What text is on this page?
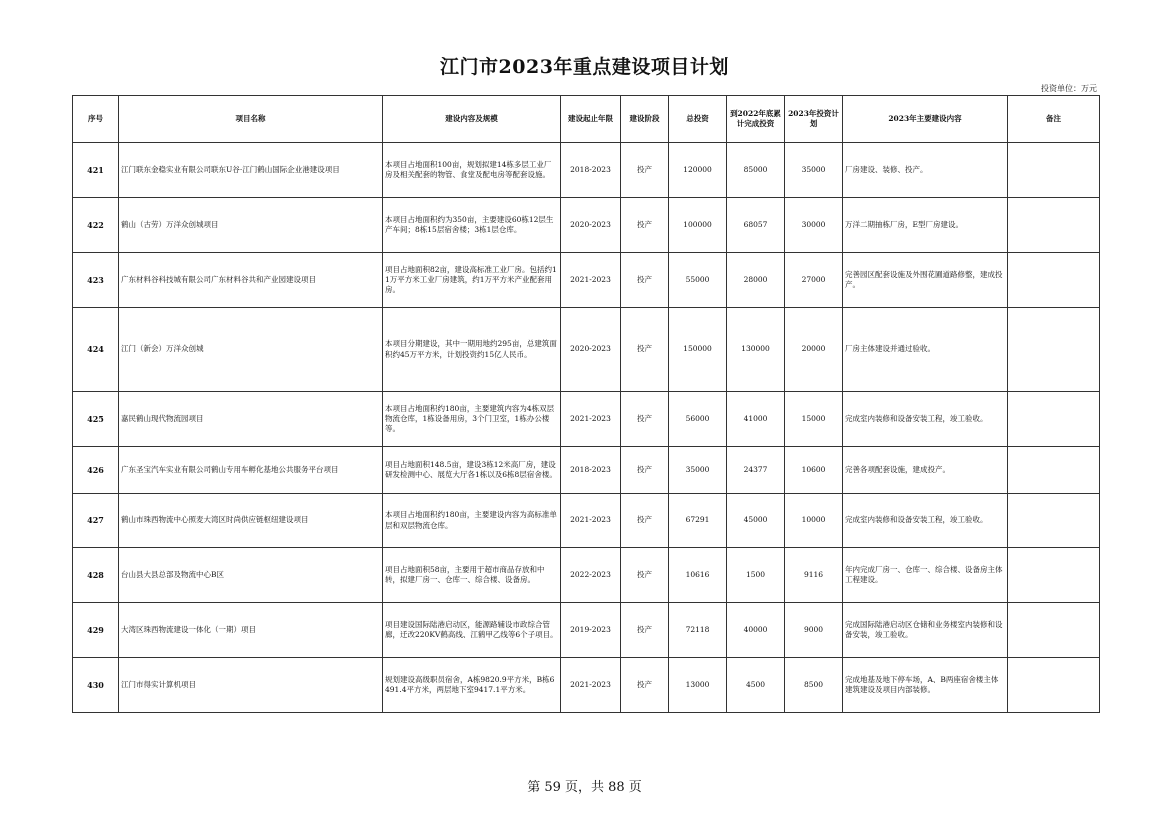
江门市2023年重点建设项目计划
投资单位：万元
序号	项目名称	建设内容及规模	建设起止年限	建设阶段	总投资	到2022年底累计完成投资	2023年投资计划	2023年主要建设内容	备注
421	江门联东金稳实业有限公司联东U谷·江门鹤山国际企业港建设项目	本项目占地面积100亩，规划拟建14栋多层工业厂房及相关配套的物管、食堂及配电房等配套设施。	2018-2023	投产	120000	85000	35000	厂房建设、装修、投产。	
422	鹤山（古劳）万洋众创城项目	本项目占地面积约为350亩，主要建设60栋12层生产车间；8栋15层宿舍楼；3栋1层仓库。	2020-2023	投产	100000	68057	30000	万洋二期抽栋厂房，E型厂房建设。	
423	广东材料谷科技城有限公司广东材料谷共和产业园建设项目	项目占地面积82亩，建设高标准工业厂房。包括约11万平方米工业厂房建筑，约1万平方米产业配套用房。	2021-2023	投产	55000	28000	27000	完善园区配套设施及外围花圃道路修整，建成投产。	
424	江门（新会）万洋众创城	本项目分期建设，其中一期用地约295亩，总建筑面积约45万平方米，计划投资约15亿人民币。	2020-2023	投产	150000	130000	20000	厂房主体建设并通过验收。	
425	嘉民鹤山现代物流园项目	本项目占地面积约180亩，主要建筑内容为4栋双层物流仓库，1栋设备用房，3个门卫室，1栋办公楼等。	2021-2023	投产	56000	41000	15000	完成室内装修和设备安装工程，竣工验收。	
426	广东圣宝汽车实业有限公司鹤山专用车孵化基地公共服务平台项目	项目占地面积148.5亩，建设3栋12米高厂房，建设研发检测中心、展览大厅各1栋以及6栋8层宿舍楼。	2018-2023	投产	35000	24377	10600	完善各项配套设施，建成投产。	
427	鹤山市珠西物流中心照麦大湾区时尚供应链枢纽建设项目	本项目占地面积约180亩，主要建设内容为高标准单层和双层物流仓库。	2021-2023	投产	67291	45000	10000	完成室内装修和设备安装工程，竣工验收。	
428	台山县大县总部及物流中心B区	项目占地面积58亩，主要用于超市商品存放和中转，拟建厂房一、仓库一、综合楼、设备房。	2022-2023	投产	10616	1500	9116	年内完成厂房一、仓库一、综合楼、设备房主体工程建设。	
429	大湾区珠西物流建设一体化（一期）项目	项目建设国际陆港启动区，能源路辅设市政综合管廊，迁改220KV鹤高线、江鹤甲乙线等6个子项目。	2019-2023	投产	72118	40000	9000	完成国际陆港启动区仓储和业务楼室内装修和设备安装，竣工验收。	
430	江门市得实计算机项目	规划建设高级职员宿舍，A栋9820.9平方米，B栋6491.4平方米，两层地下室9417.1平方米。	2021-2023	投产	13000	4500	8500	完成地基及地下停车场，A、B两座宿舍楼主体建筑建设及项目内部装修。	
第 59 页，共 88 页
